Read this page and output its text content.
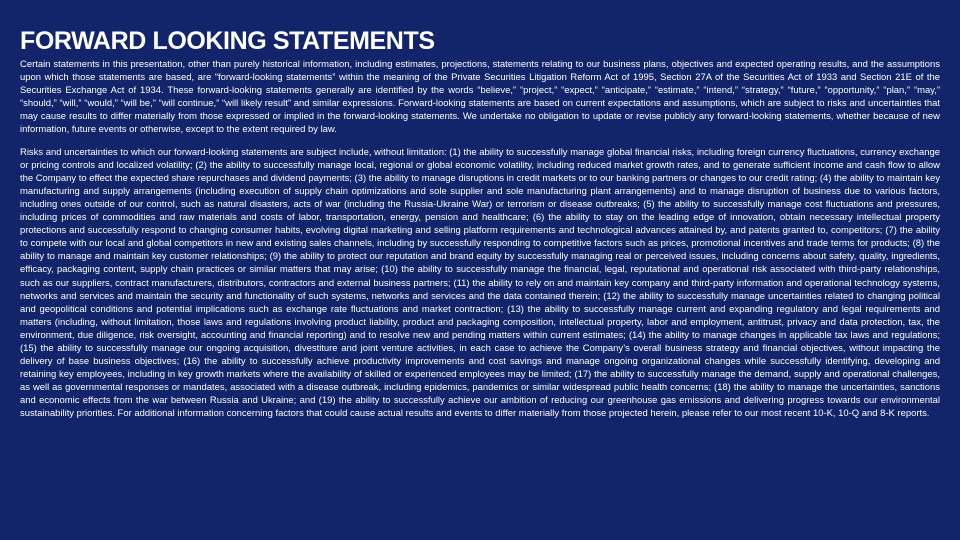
FORWARD LOOKING STATEMENTS

Certain statements in this presentation, other than purely historical information, including estimates, projections, statements relating to our business plans, objectives and expected operating results, and the assumptions upon which those statements are based, are “forward-looking statements” within the meaning of the Private Securities Litigation Reform Act of 1995, Section 27A of the Securities Act of 1933 and Section 21E of the Securities Exchange Act of 1934. These forward-looking statements generally are identified by the words “believe,” “project,” “expect,” “anticipate,” “estimate,” “intend,” “strategy,” “future,” “opportunity,” “plan,” “may,” “should,” “will,” “would,” “will be,” “will continue,” “will likely result” and similar expressions. Forward-looking statements are based on current expectations and assumptions, which are subject to risks and uncertainties that may cause results to differ materially from those expressed or implied in the forward-looking statements. We undertake no obligation to update or revise publicly any forward-looking statements, whether because of new information, future events or otherwise, except to the extent required by law.

Risks and uncertainties to which our forward-looking statements are subject include, without limitation: (1) the ability to successfully manage global financial risks, including foreign currency fluctuations, currency exchange or pricing controls and localized volatility; (2) the ability to successfully manage local, regional or global economic volatility, including reduced market growth rates, and to generate sufficient income and cash flow to allow the Company to effect the expected share repurchases and dividend payments; (3) the ability to manage disruptions in credit markets or to our banking partners or changes to our credit rating; (4) the ability to maintain key manufacturing and supply arrangements (including execution of supply chain optimizations and sole supplier and sole manufacturing plant arrangements) and to manage disruption of business due to various factors, including ones outside of our control, such as natural disasters, acts of war (including the Russia-Ukraine War) or terrorism or disease outbreaks; (5) the ability to successfully manage cost fluctuations and pressures, including prices of commodities and raw materials and costs of labor, transportation, energy, pension and healthcare; (6) the ability to stay on the leading edge of innovation, obtain necessary intellectual property protections and successfully respond to changing consumer habits, evolving digital marketing and selling platform requirements and technological advances attained by, and patents granted to, competitors; (7) the ability to compete with our local and global competitors in new and existing sales channels, including by successfully responding to competitive factors such as prices, promotional incentives and trade terms for products; (8) the ability to manage and maintain key customer relationships; (9) the ability to protect our reputation and brand equity by successfully managing real or perceived issues, including concerns about safety, quality, ingredients, efficacy, packaging content, supply chain practices or similar matters that may arise; (10) the ability to successfully manage the financial, legal, reputational and operational risk associated with third-party relationships, such as our suppliers, contract manufacturers, distributors, contractors and external business partners; (11) the ability to rely on and maintain key company and third-party information and operational technology systems, networks and services and maintain the security and functionality of such systems, networks and services and the data contained therein; (12) the ability to successfully manage uncertainties related to changing political and geopolitical conditions and potential implications such as exchange rate fluctuations and market contraction; (13) the ability to successfully manage current and expanding regulatory and legal requirements and matters (including, without limitation, those laws and regulations involving product liability, product and packaging composition, intellectual property, labor and employment, antitrust, privacy and data protection, tax, the environment, due diligence, risk oversight, accounting and financial reporting) and to resolve new and pending matters within current estimates; (14) the ability to manage changes in applicable tax laws and regulations; (15) the ability to successfully manage our ongoing acquisition, divestiture and joint venture activities, in each case to achieve the Company’s overall business strategy and financial objectives, without impacting the delivery of base business objectives; (16) the ability to successfully achieve productivity improvements and cost savings and manage ongoing organizational changes while successfully identifying, developing and retaining key employees, including in key growth markets where the availability of skilled or experienced employees may be limited; (17) the ability to successfully manage the demand, supply and operational challenges, as well as governmental responses or mandates, associated with a disease outbreak, including epidemics, pandemics or similar widespread public health concerns; (18) the ability to manage the uncertainties, sanctions and economic effects from the war between Russia and Ukraine; and (19) the ability to successfully achieve our ambition of reducing our greenhouse gas emissions and delivering progress towards our environmental sustainability priorities. For additional information concerning factors that could cause actual results and events to differ materially from those projected herein, please refer to our most recent 10-K, 10-Q and 8-K reports.
